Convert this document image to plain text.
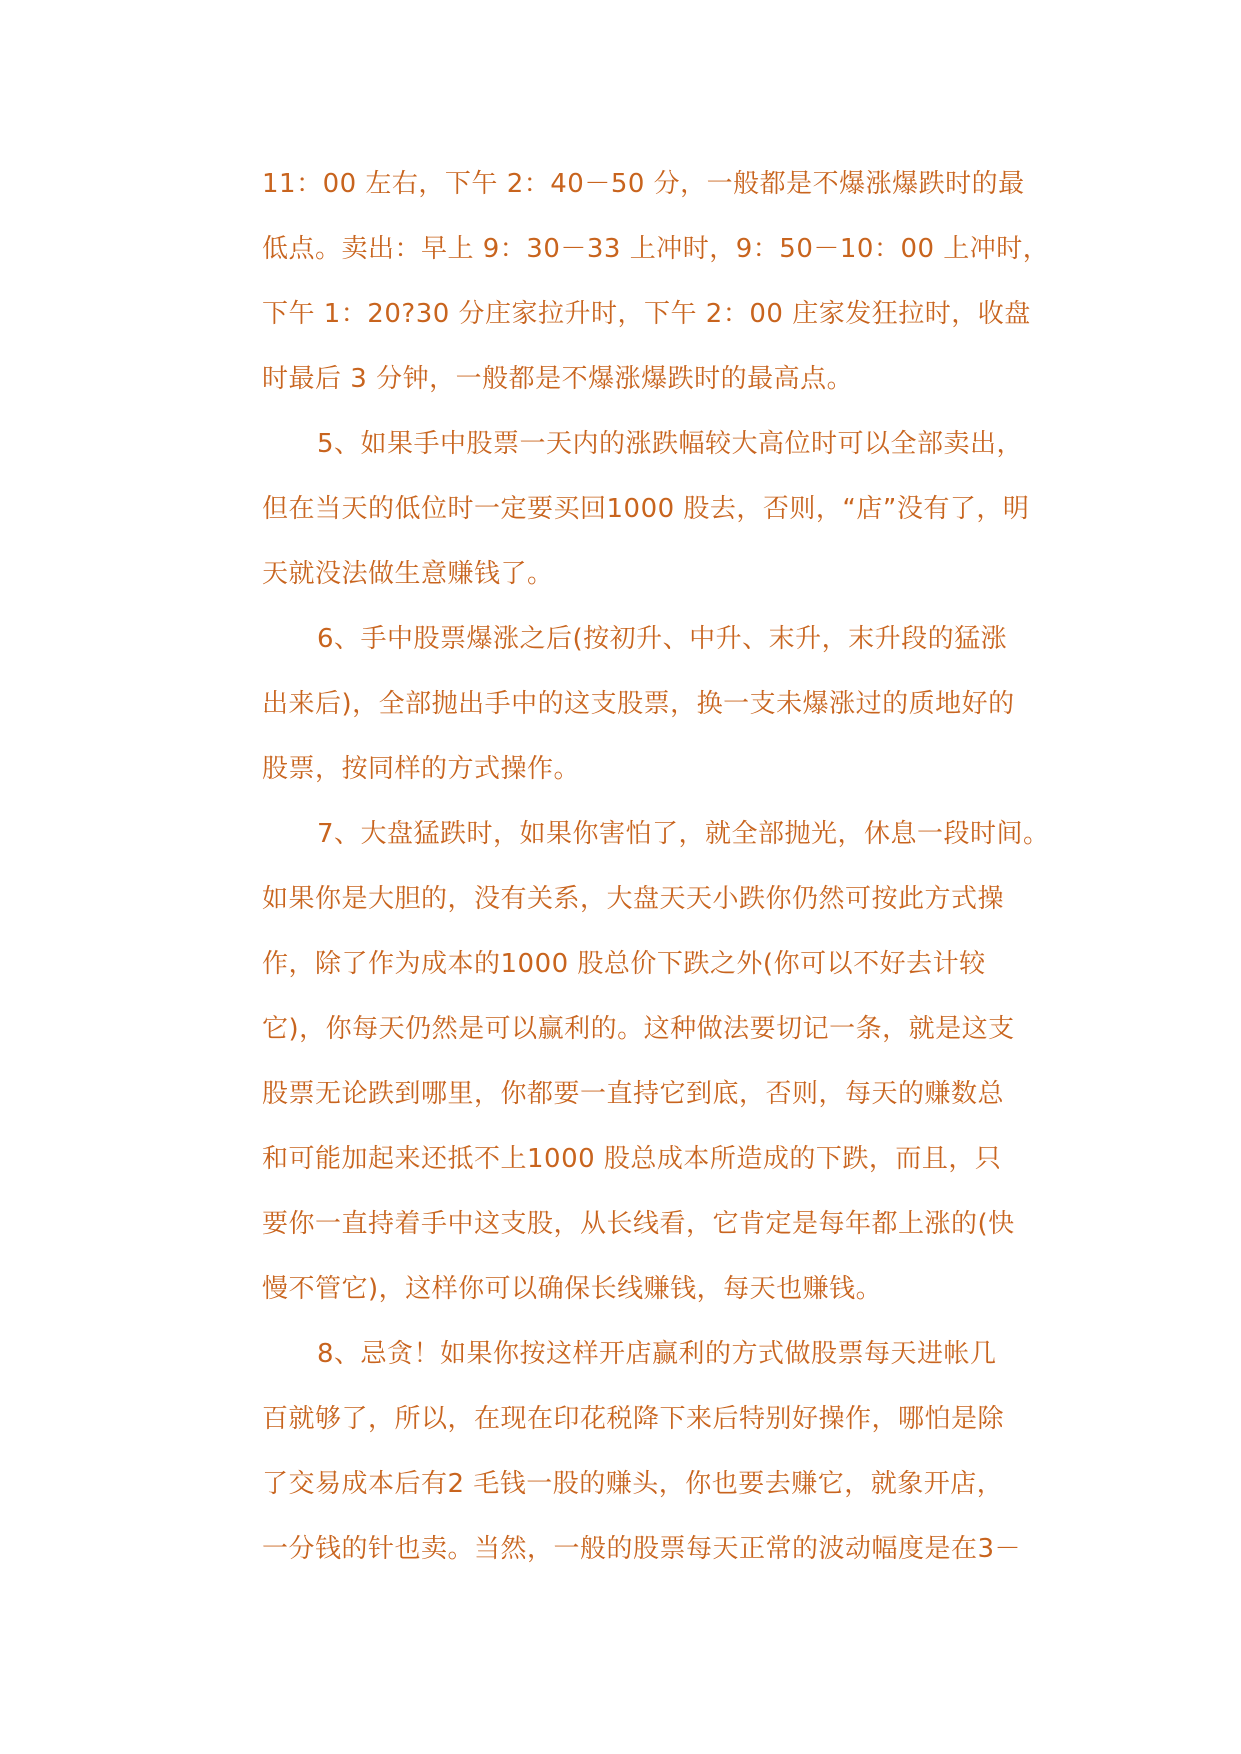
11：00 左右，下午 2：40－50 分，一般都是不爆涨爆跌时的最
低点。卖出：早上 9：30－33 上冲时，9：50－10：00 上冲时，
下午 1：20?30 分庄家拉升时，下午 2：00 庄家发狂拉时，收盘
时最后 3 分钟，一般都是不爆涨爆跌时的最高点。
5、如果手中股票一天内的涨跌幅较大高位时可以全部卖出，
但在当天的低位时一定要买回1000 股去，否则，“店”没有了，明
天就没法做生意赚钱了。
6、手中股票爆涨之后(按初升、中升、末升，末升段的猛涨
出来后)，全部抛出手中的这支股票，换一支未爆涨过的质地好的
股票，按同样的方式操作。
7、大盘猛跌时，如果你害怕了，就全部抛光，休息一段时间。
如果你是大胆的，没有关系，大盘天天小跌你仍然可按此方式操
作，除了作为成本的1000 股总价下跌之外(你可以不好去计较
它)，你每天仍然是可以赢利的。这种做法要切记一条，就是这支
股票无论跌到哪里，你都要一直持它到底，否则，每天的赚数总
和可能加起来还抵不上1000 股总成本所造成的下跌，而且，只
要你一直持着手中这支股，从长线看，它肯定是每年都上涨的(快
慢不管它)，这样你可以确保长线赚钱，每天也赚钱。
8、忌贪！如果你按这样开店赢利的方式做股票每天进帐几
百就够了，所以，在现在印花税降下来后特别好操作，哪怕是除
了交易成本后有2 毛钱一股的赚头，你也要去赚它，就象开店，
一分钱的针也卖。当然，一般的股票每天正常的波动幅度是在3－
